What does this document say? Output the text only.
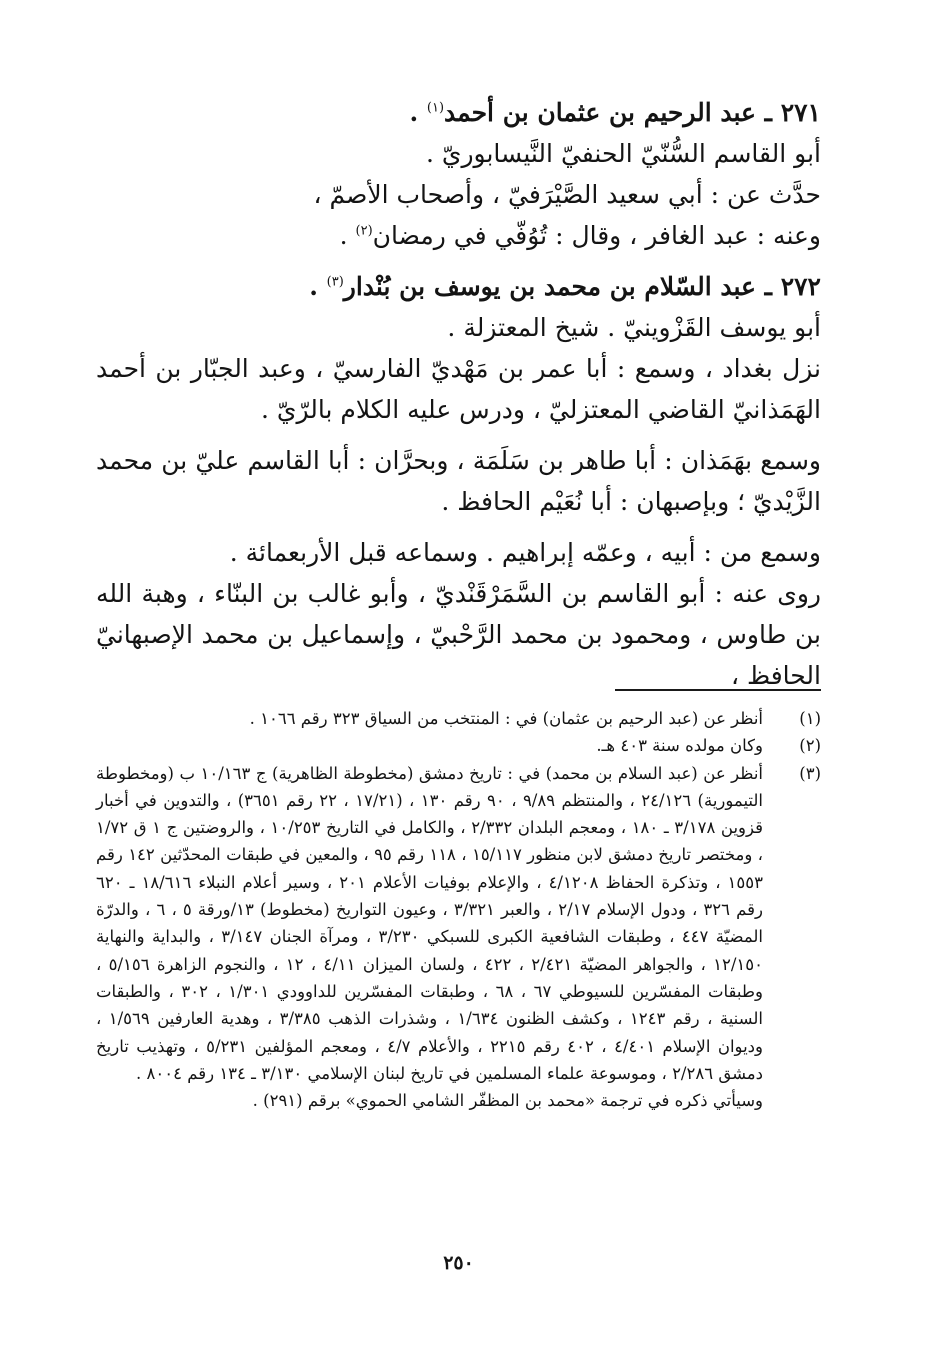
٢٧١ ـ عبد الرحيم بن عثمان بن أحمد$^{(١)}$ .

أبو القاسم السُّنّيّ الحنفيّ النَّيسابوريّ .

حدَّث عن : أبي سعيد الصَّيْرَفيّ ، وأصحاب الأصمّ ،

وعنه : عبد الغافر ، وقال : تُوُفّي في رمضان$^{(٢)}$ .

٢٧٢ ـ عبد السّلام بن محمد بن يوسف بن بُنْدار$^{(٣)}$ .

أبو يوسف القَزْوينيّ . شيخ المعتزلة .

نزل بغداد ، وسمع : أبا عمر بن مَهْديّ الفارسيّ ، وعبد الجبّار بن أحمد الهَمَذانيّ القاضي المعتزليّ ، ودرس عليه الكلام بالرّيّ .

وسمع بهَمَذان : أبا طاهر بن سَلَمَة ، وبحرَّان : أبا القاسم عليّ بن محمد الزَّيْديّ ؛ وبإصبهان : أبا نُعَيْم الحافظ .

وسمع من : أبيه ، وعمّه إبراهيم . وسماعه قبل الأربعمائة .

روى عنه : أبو القاسم بن السَّمَرْقَنْديّ ، وأبو غالب بن البنّاء ، وهبة الله بن طاوس ، ومحمود بن محمد الرَّحْبيّ ، وإسماعيل بن محمد الإصبهانيّ الحافظ ،

(١)
أنظر عن (عبد الرحيم بن عثمان) في : المنتخب من السياق ٣٢٣ رقم ١٠٦٦ .
(٢)
وكان مولده سنة ٤٠٣ هـ.
(٣)
أنظر عن (عبد السلام بن محمد) في : تاريخ دمشق (مخطوطة الظاهرية) ج ١٠/١٦٣ ب (ومخطوطة التيمورية) ٢٤/١٢٦ ، والمنتظم ٩/٨٩ ، ٩٠ رقم ١٣٠ ، (١٧/٢١ ، ٢٢ رقم ٣٦٥١) ، والتدوين في أخبار قزوين ٣/١٧٨ ـ ١٨٠ ، ومعجم البلدان ٢/٣٣٢ ، والكامل في التاريخ ١٠/٢٥٣ ، والروضتين ج ١ ق ١/٧٢ ، ومختصر تاريخ دمشق لابن منظور ١٥/١١٧ ، ١١٨ رقم ٩٥ ، والمعين في طبقات المحدّثين ١٤٢ رقم ١٥٥٣ ، وتذكرة الحفاظ ٤/١٢٠٨ ، والإعلام بوفيات الأعلام ٢٠١ ، وسير أعلام النبلاء ١٨/٦١٦ ـ ٦٢٠ رقم ٣٢٦ ، ودول الإسلام ٢/١٧ ، والعبر ٣/٣٢١ ، وعيون التواريخ (مخطوط) ١٣/ورقة ٥ ، ٦ ، والدرّة المضيّة ٤٤٧ ، وطبقات الشافعية الكبرى للسبكي ٣/٢٣٠ ، ومرآة الجنان ٣/١٤٧ ، والبداية والنهاية ١٢/١٥٠ ، والجواهر المضيّة ٢/٤٢١ ، ٤٢٢ ، ولسان الميزان ٤/١١ ، ١٢ ، والنجوم الزاهرة ٥/١٥٦ ، وطبقات المفسّرين للسيوطي ٦٧ ، ٦٨ ، وطبقات المفسّرين للداوودي ١/٣٠١ ، ٣٠٢ ، والطبقات السنية ، رقم ١٢٤٣ ، وكشف الظنون ١/٦٣٤ ، وشذرات الذهب ٣/٣٨٥ ، وهدية العارفين ١/٥٦٩ ، وديوان الإسلام ٤/٤٠١ ، ٤٠٢ رقم ٢٢١٥ ، والأعلام ٤/٧ ، ومعجم المؤلفين ٥/٢٣١ ، وتهذيب تاريخ دمشق ٢/٢٨٦ ، وموسوعة علماء المسلمين في تاريخ لبنان الإسلامي ٣/١٣٠ ـ ١٣٤ رقم ٨٠٠٤ .
وسيأتي ذكره في ترجمة «محمد بن المظفّر الشامي الحموي» برقم (٢٩١) .
٢٥٠
